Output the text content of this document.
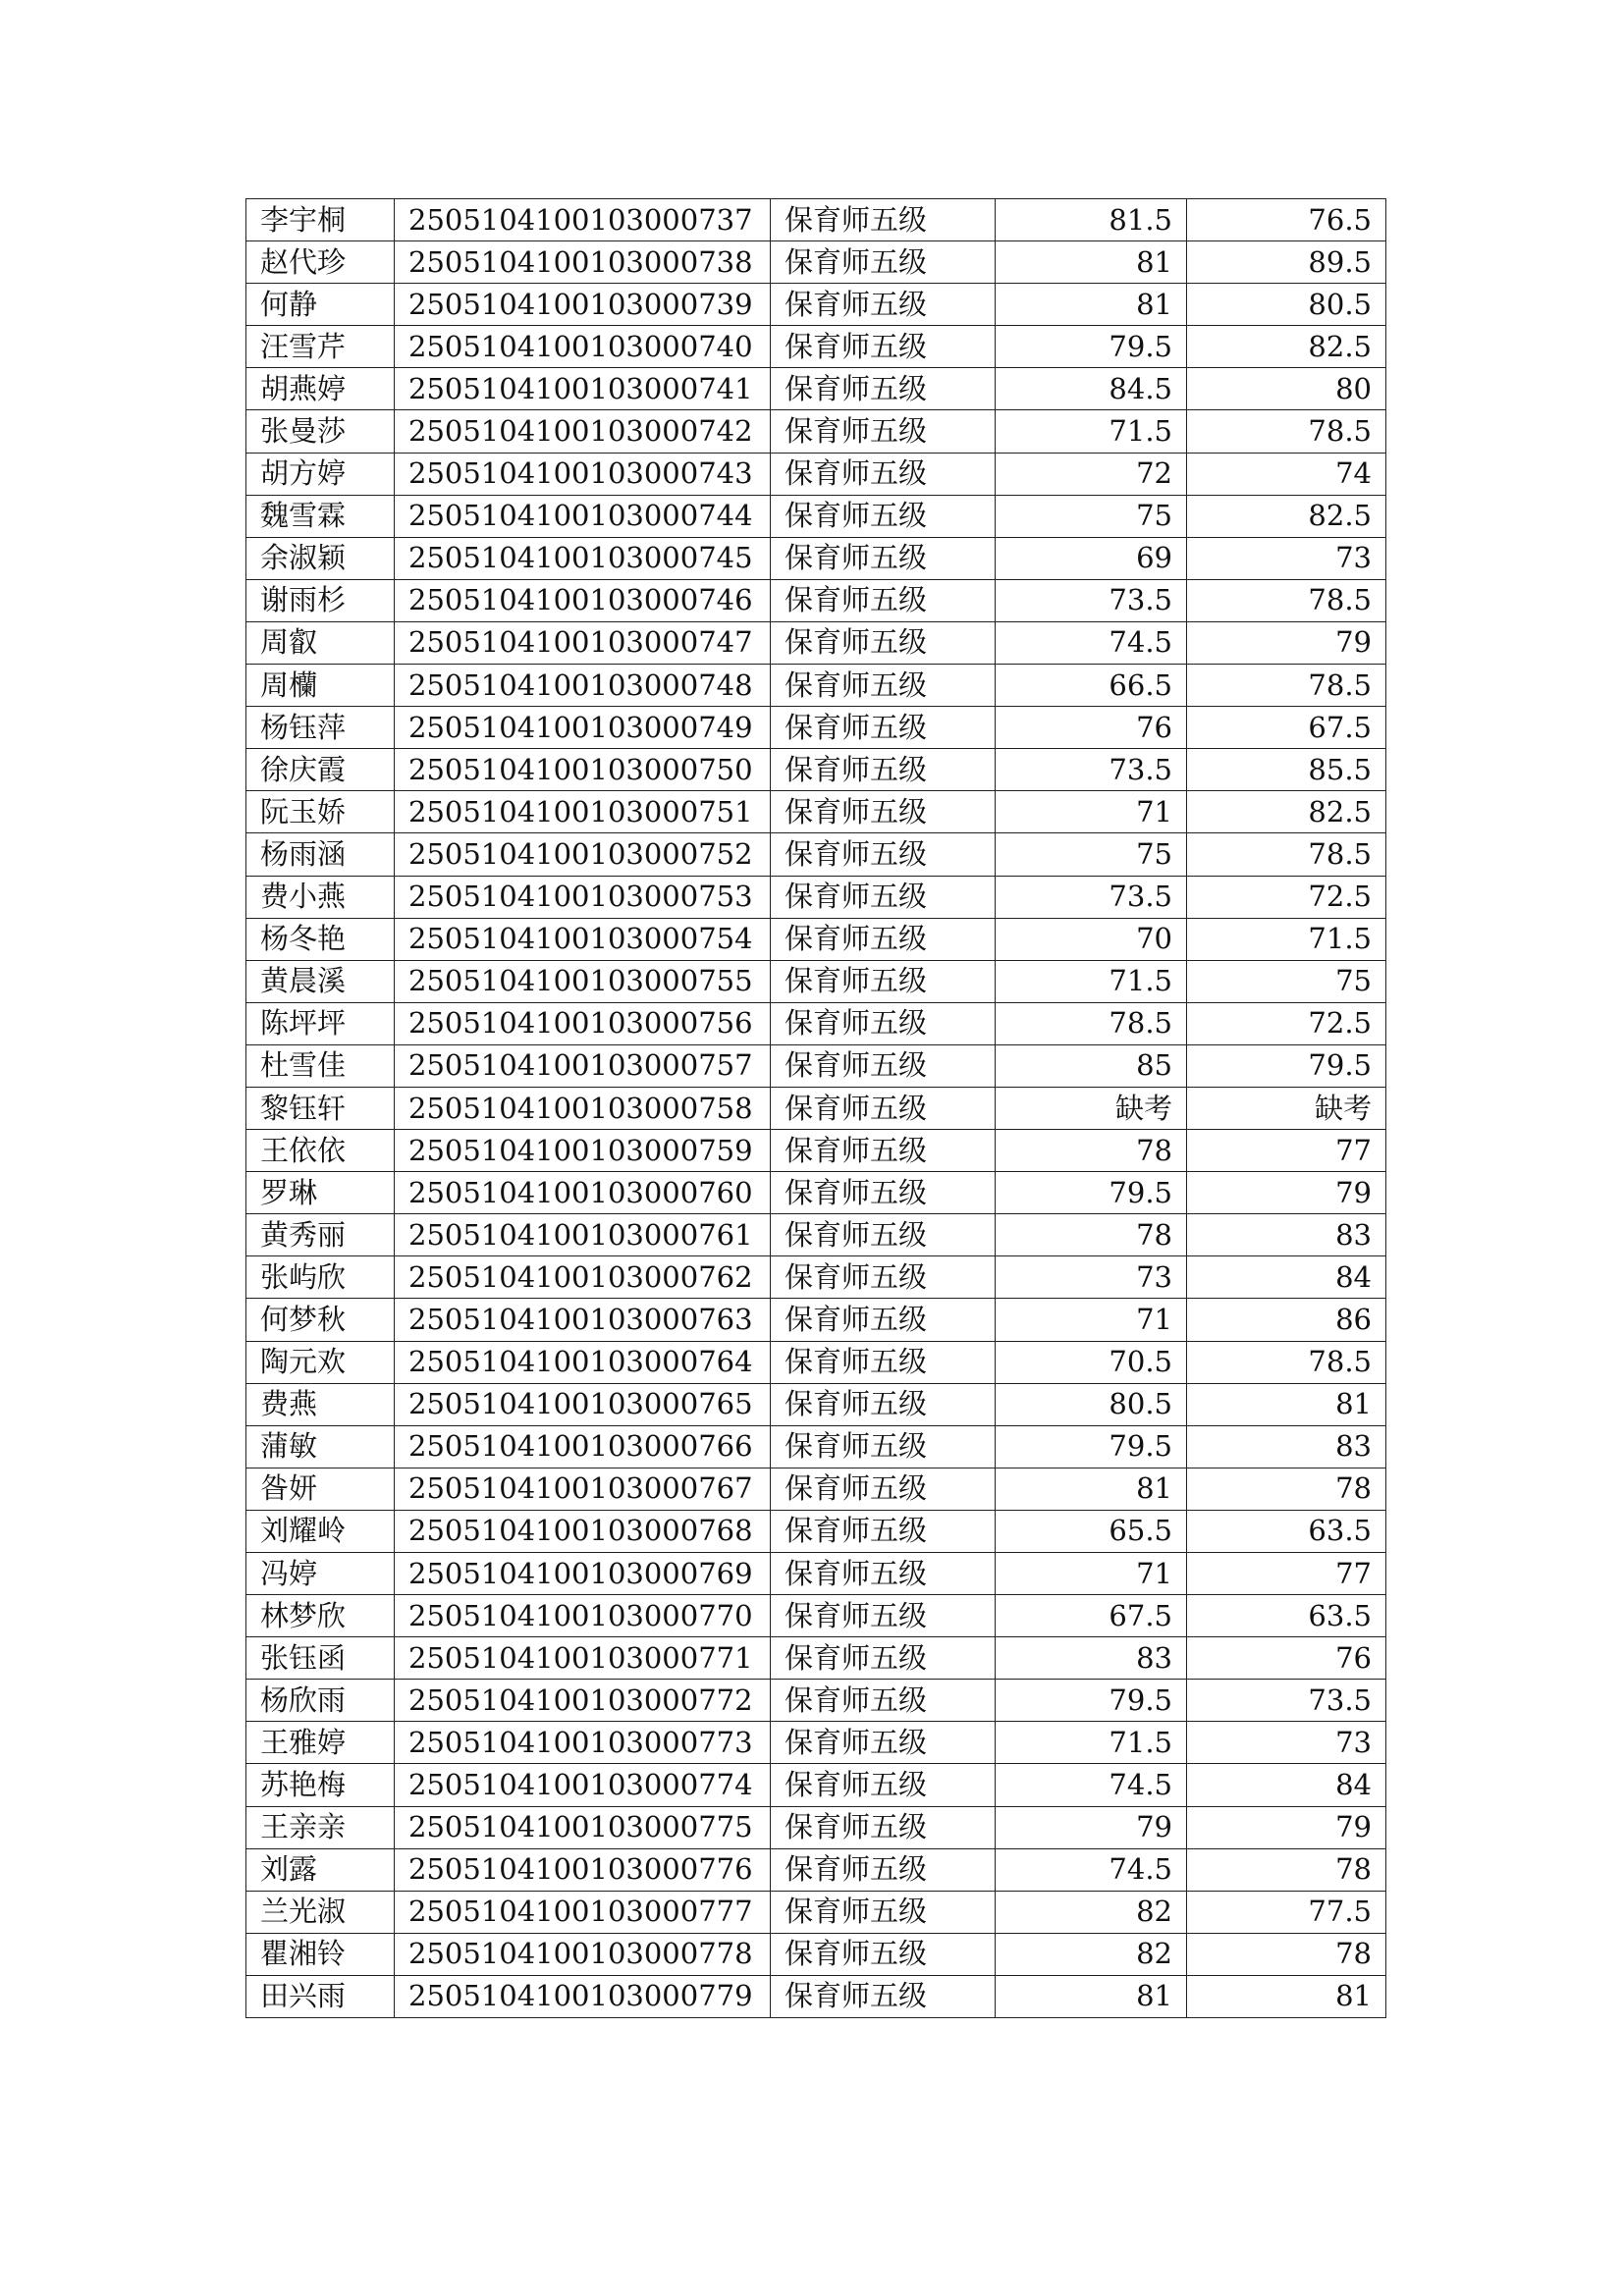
李宇桐	2505104100103000737	保育师五级	81.5	76.5
赵代珍	2505104100103000738	保育师五级	81	89.5
何静	2505104100103000739	保育师五级	81	80.5
汪雪芹	2505104100103000740	保育师五级	79.5	82.5
胡燕婷	2505104100103000741	保育师五级	84.5	80
张曼莎	2505104100103000742	保育师五级	71.5	78.5
胡方婷	2505104100103000743	保育师五级	72	74
魏雪霖	2505104100103000744	保育师五级	75	82.5
余淑颖	2505104100103000745	保育师五级	69	73
谢雨杉	2505104100103000746	保育师五级	73.5	78.5
周叡	2505104100103000747	保育师五级	74.5	79
周欗	2505104100103000748	保育师五级	66.5	78.5
杨钰萍	2505104100103000749	保育师五级	76	67.5
徐庆霞	2505104100103000750	保育师五级	73.5	85.5
阮玉娇	2505104100103000751	保育师五级	71	82.5
杨雨涵	2505104100103000752	保育师五级	75	78.5
费小燕	2505104100103000753	保育师五级	73.5	72.5
杨冬艳	2505104100103000754	保育师五级	70	71.5
黄晨溪	2505104100103000755	保育师五级	71.5	75
陈坪坪	2505104100103000756	保育师五级	78.5	72.5
杜雪佳	2505104100103000757	保育师五级	85	79.5
黎钰轩	2505104100103000758	保育师五级	缺考	缺考
王依依	2505104100103000759	保育师五级	78	77
罗琳	2505104100103000760	保育师五级	79.5	79
黄秀丽	2505104100103000761	保育师五级	78	83
张屿欣	2505104100103000762	保育师五级	73	84
何梦秋	2505104100103000763	保育师五级	71	86
陶元欢	2505104100103000764	保育师五级	70.5	78.5
费燕	2505104100103000765	保育师五级	80.5	81
蒲敏	2505104100103000766	保育师五级	79.5	83
昝妍	2505104100103000767	保育师五级	81	78
刘耀岭	2505104100103000768	保育师五级	65.5	63.5
冯婷	2505104100103000769	保育师五级	71	77
林梦欣	2505104100103000770	保育师五级	67.5	63.5
张钰函	2505104100103000771	保育师五级	83	76
杨欣雨	2505104100103000772	保育师五级	79.5	73.5
王雅婷	2505104100103000773	保育师五级	71.5	73
苏艳梅	2505104100103000774	保育师五级	74.5	84
王亲亲	2505104100103000775	保育师五级	79	79
刘露	2505104100103000776	保育师五级	74.5	78
兰光淑	2505104100103000777	保育师五级	82	77.5
瞿湘铃	2505104100103000778	保育师五级	82	78
田兴雨	2505104100103000779	保育师五级	81	81
